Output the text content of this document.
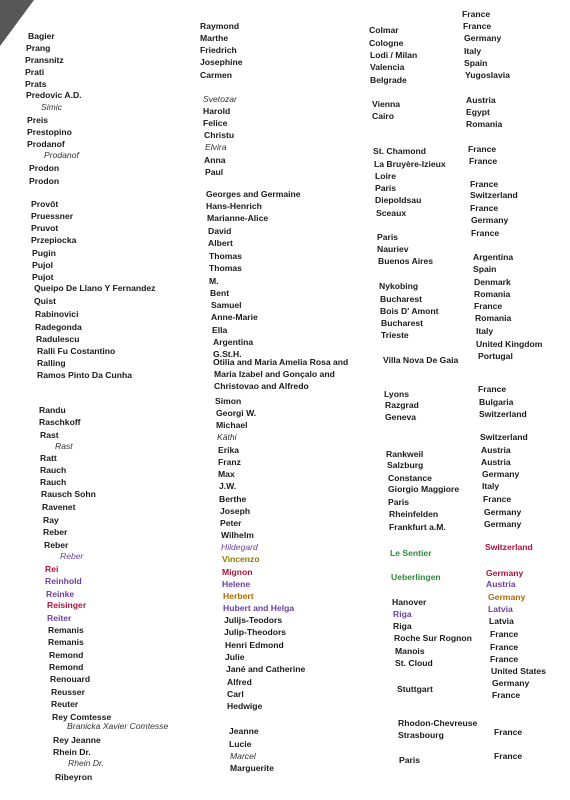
Bagier
Prang
Pransnitz
Prati
Prats
Predovic A.D.
Simic
Preis
Prestopino
Prodanof
Prodanof
Prodon
Prodon
Provôt
Pruessner
Pruvot
Przepiocka
Pugin
Pujol
Pujot
Queipo De Llano Y Fernandez
Quist
Rabinovici
Radegonda
Radulescu
Ralli Fu Costantino
Ralling
Ramos Pinto Da Cunha
Randu
Raschkoff
Rast
Rast
Ratt
Rauch
Rauch
Rausch Sohn
Ravenet
Ray
Reber
Reber
Reber
Rei
Reinhold
Reinke
Reisinger
Reiter
Remanis
Remanis
Remond
Remond
Renouard
Reusser
Reuter
Rey Comtesse
Branicka Xavier Comtesse
Rey Jeanne
Rhein Dr.
Rhein Dr.
Ribeyron
Raymond
Marthe
Friedrich
Josephine
Carmen
Svetozar
Harold
Felice
Christu
Elvira
Anna
Paul
Georges and Germaine
Hans-Henrich
Marianne-Alice
David
Albert
Thomas
Thomas
M.
Bent
Samuel
Anne-Marie
Ella
Argentina
G.St.H.
Otilia and Maria Amelia Rosa and
Maria Izabel and Gonçalo and
Christovao and Alfredo
Simon
Georgi W.
Michael
Käthi
Erika
Franz
Max
J.W.
Berthe
Joseph
Peter
Wilhelm
Hildegard
Vincenzo
Mignon
Helene
Herbert
Hubert and Helga
Julijs-Teodors
Julip-Theodors
Henri Edmond
Julie
Jané and Catherine
Alfred
Carl
Hedwige
Jeanne
Lucie
Marcel
Marguerite
Colmar
Cologne
Lodi / Milan
Valencia
Belgrade
Vienna
Cairo
St. Chamond
La Bruyère-Izieux
Loire
Paris
Diepoldsau
Sceaux
Paris
Nauriev
Buenos Aires
Nykobing
Bucharest
Bois D' Amont
Bucharest
Trieste
Villa Nova De Gaia
Lyons
Razgrad
Geneva
Rankweil
Salzburg
Constance
Giorgio Maggiore
Paris
Rheinfelden
Frankfurt a.M.
Le Sentier
Ueberlingen
Hanover
Riga
Riga
Roche Sur Rognon
Manois
St. Cloud
Stuttgart
Rhodon-Chevreuse
Strasbourg
Paris
France
France
Germany
Italy
Spain
Yugoslavia
Austria
Egypt
Romania
France
France
France
Switzerland
France
Germany
France
Argentina
Spain
Denmark
Romania
France
Romania
Italy
United Kingdom
Portugal
France
Bulgaria
Switzerland
Switzerland
Austria
Austria
Germany
Italy
France
Germany
Germany
Switzerland
Germany
Austria
Germany
Latvia
Latvia
France
France
France
United States
Germany
France
France
France
